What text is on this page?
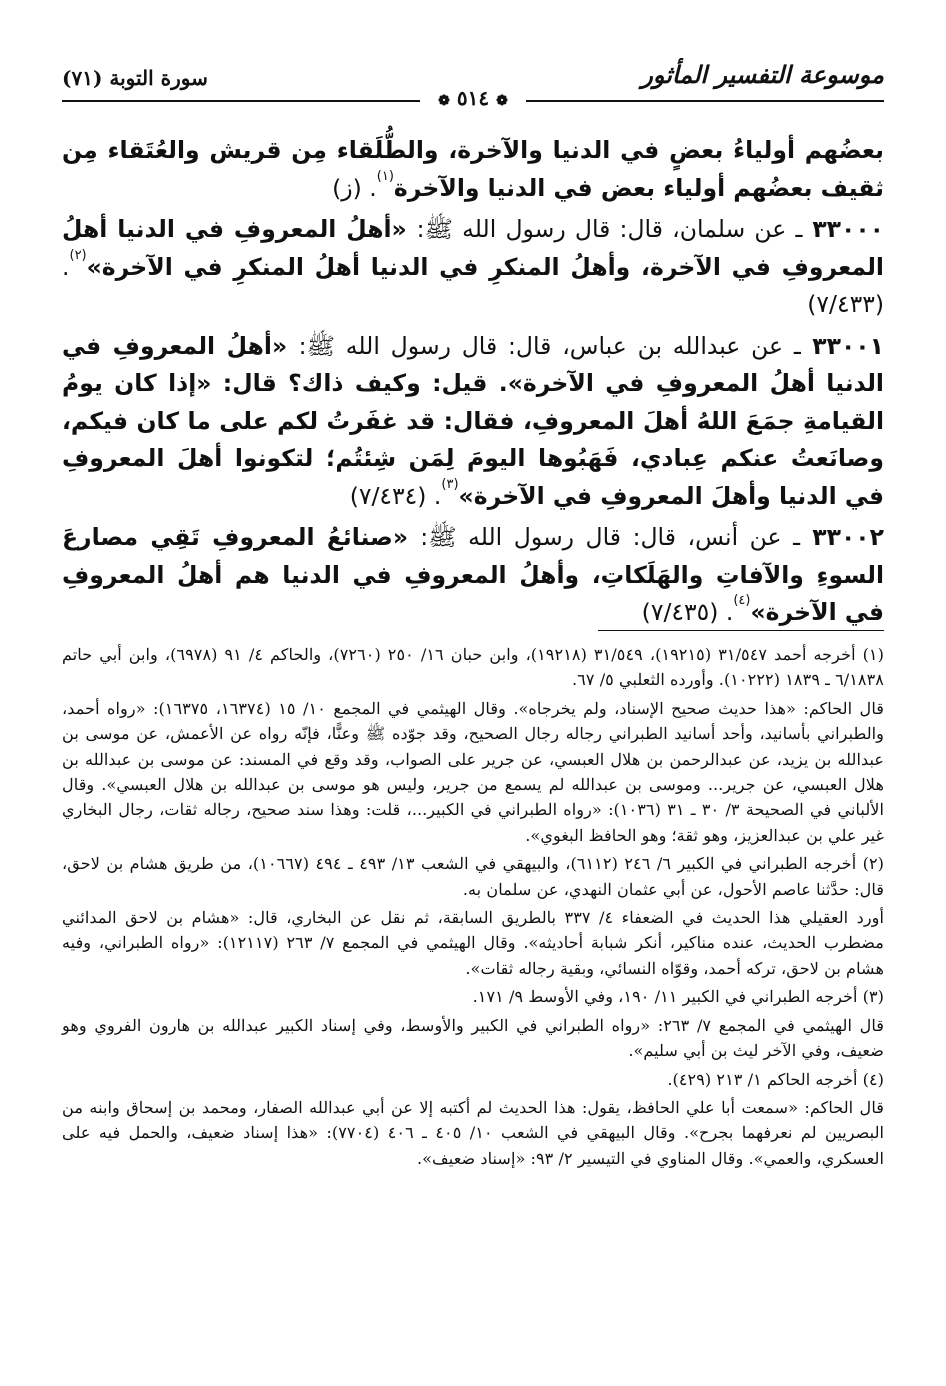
موسوعة التفسير المأثور
سورة التوبة (٧١)
❁ ٥١٤ ❁

بعضُهم أولياءُ بعضٍ في الدنيا والآخرة، والطُّلَقاء مِن قريش والعُتَقاء مِن ثقيف بعضُهم أولياء بعض في الدنيا والآخرة$^{(١)}$. (ز)

٣٣٠٠٠ ـ عن سلمان، قال: قال رسول الله ﷺ: «أهلُ المعروفِ في الدنيا أهلُ المعروفِ في الآخرة، وأهلُ المنكرِ في الدنيا أهلُ المنكرِ في الآخرة»$^{(٢)}$. (٧/٤٣٣)

٣٣٠٠١ ـ عن عبدالله بن عباس، قال: قال رسول الله ﷺ: «أهلُ المعروفِ في الدنيا أهلُ المعروفِ في الآخرة». قيل: وكيف ذاك؟ قال: «إذا كان يومُ القيامةِ جمَعَ اللهُ أهلَ المعروفِ، فقال: قد غفَرتُ لكم على ما كان فيكم، وصانَعتُ عنكم عِبادي، فَهَبُوها اليومَ لِمَن شِئتُم؛ لتكونوا أهلَ المعروفِ في الدنيا وأهلَ المعروفِ في الآخرة»$^{(٣)}$. (٧/٤٣٤)

٣٣٠٠٢ ـ عن أنس، قال: قال رسول الله ﷺ: «صنائعُ المعروفِ تَقِي مصارعَ السوءِ والآفاتِ والهَلَكاتِ، وأهلُ المعروفِ في الدنيا هم أهلُ المعروفِ في الآخرة»$^{(٤)}$. (٧/٤٣٥)

(١) أخرجه أحمد ٣١/٥٤٧ (١٩٢١٥)، ٣١/٥٤٩ (١٩٢١٨)، وابن حبان ١٦/ ٢٥٠ (٧٢٦٠)، والحاكم ٤/ ٩١ (٦٩٧٨)، وابن أبي حاتم ٦/١٨٣٨ ـ ١٨٣٩ (١٠٢٢٢). وأورده الثعلبي ٥/ ٦٧.

قال الحاكم: «هذا حديث صحيح الإسناد، ولم يخرجاه». وقال الهيثمي في المجمع ١٠/ ١٥ (١٦٣٧٤، ١٦٣٧٥): «رواه أحمد، والطبراني بأسانيد، وأحد أسانيد الطبراني رجاله رجال الصحيح، وقد جوّده ﷺ وعنًّا، فإنّه رواه عن الأعمش، عن موسى بن عبدالله بن يزيد، عن عبدالرحمن بن هلال العبسي، عن جرير على الصواب، وقد وقع في المسند: عن موسى بن عبدالله بن هلال العبسي، عن جرير... وموسى بن عبدالله لم يسمع من جرير، وليس هو موسى بن عبدالله بن هلال العبسي». وقال الألباني في الصحيحة ٣/ ٣٠ ـ ٣١ (١٠٣٦): «رواه الطبراني في الكبير...، قلت: وهذا سند صحيح، رجاله ثقات، رجال البخاري غير علي بن عبدالعزيز، وهو ثقة؛ وهو الحافظ البغوي».

(٢) أخرجه الطبراني في الكبير ٦/ ٢٤٦ (٦١١٢)، والبيهقي في الشعب ١٣/ ٤٩٣ ـ ٤٩٤ (١٠٦٦٧)، من طريق هشام بن لاحق، قال: حدَّثنا عاصم الأحول، عن أبي عثمان النهدي، عن سلمان به.

أورد العقيلي هذا الحديث في الضعفاء ٤/ ٣٣٧ بالطريق السابقة، ثم نقل عن البخاري، قال: «هشام بن لاحق المدائني مضطرب الحديث، عنده مناكير، أنكر شبابة أحاديثه». وقال الهيثمي في المجمع ٧/ ٢٦٣ (١٢١١٧): «رواه الطبراني، وفيه هشام بن لاحق، تركه أحمد، وقوّاه النسائي، وبقية رجاله ثقات».

(٣) أخرجه الطبراني في الكبير ١١/ ١٩٠، وفي الأوسط ٩/ ١٧١.

قال الهيثمي في المجمع ٧/ ٢٦٣: «رواه الطبراني في الكبير والأوسط، وفي إسناد الكبير عبدالله بن هارون الفروي وهو ضعيف، وفي الآخر ليث بن أبي سليم».

(٤) أخرجه الحاكم ١/ ٢١٣ (٤٢٩).

قال الحاكم: «سمعت أبا علي الحافظ، يقول: هذا الحديث لم أكتبه إلا عن أبي عبدالله الصفار، ومحمد بن إسحاق وابنه من البصريين لم نعرفهما بجرح». وقال البيهقي في الشعب ١٠/ ٤٠٥ ـ ٤٠٦ (٧٧٠٤): «هذا إسناد ضعيف، والحمل فيه على العسكري، والعمي». وقال المناوي في التيسير ٢/ ٩٣: «إسناد ضعيف».
